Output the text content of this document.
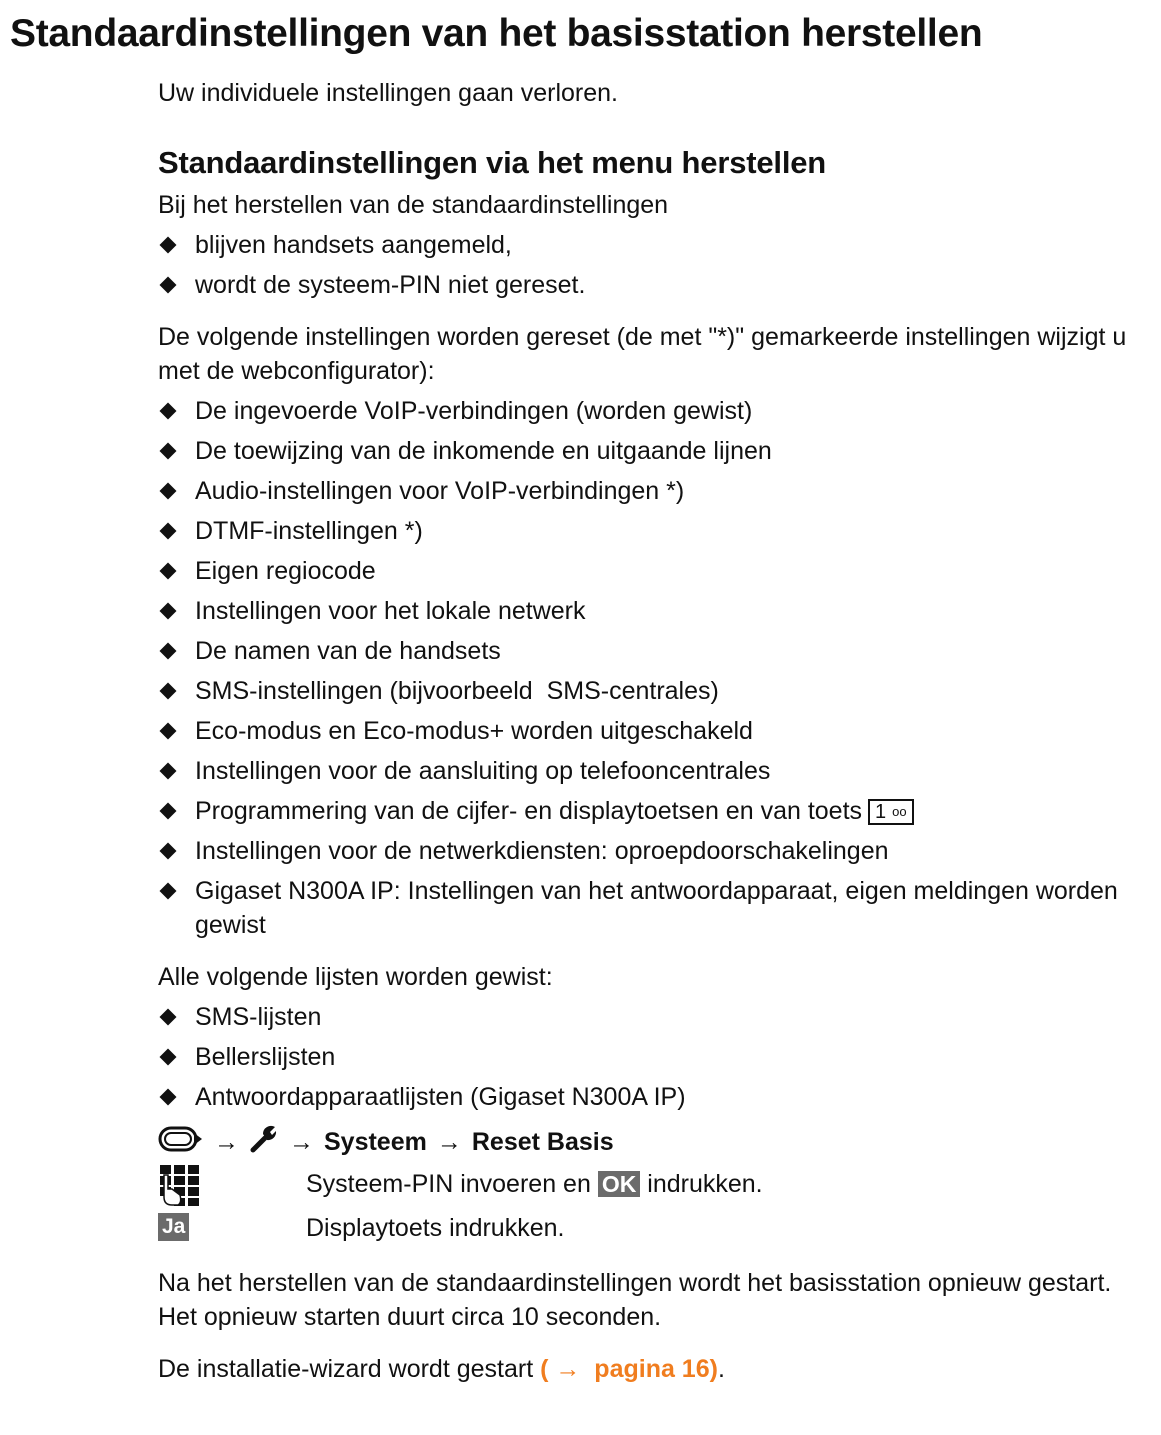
Standaardinstellingen van het basisstation herstellen

Uw individuele instellingen gaan verloren.

Standaardinstellingen via het menu herstellen

Bij het herstellen van de standaardinstellingen

blijven handsets aangemeld,
wordt de systeem-PIN niet gereset.

De volgende instellingen worden gereset (de met "*)" gemarkeerde instellingen wijzigt u met de webconfigurator):

De ingevoerde VoIP-verbindingen (worden gewist)
De toewijzing van de inkomende en uitgaande lijnen
Audio-instellingen voor VoIP-verbindingen *)
DTMF-instellingen *)
Eigen regiocode
Instellingen voor het lokale netwerk
De namen van de handsets
SMS-instellingen (bijvoorbeeld  SMS-centrales)
Eco-modus en Eco-modus+ worden uitgeschakeld
Instellingen voor de aansluiting op telefooncentrales
Programmering van de cijfer- en displaytoetsen en van toets 1 oo
Instellingen voor de netwerkdiensten: oproepdoorschakelingen
Gigaset N300A IP: Instellingen van het antwoordapparaat, eigen meldingen worden gewist

Alle volgende lijsten worden gewist:

SMS-lijsten
Bellerslijsten
Antwoordapparaatlijsten (Gigaset N300A IP)
→ → Systeem → Reset Basis
Systeem-PIN invoeren en OK indrukken.
Ja	Displaytoets indrukken.

Na het herstellen van de standaardinstellingen wordt het basisstation opnieuw gestart. Het opnieuw starten duurt circa 10 seconden.

De installatie-wizard wordt gestart ( → pagina 16).
